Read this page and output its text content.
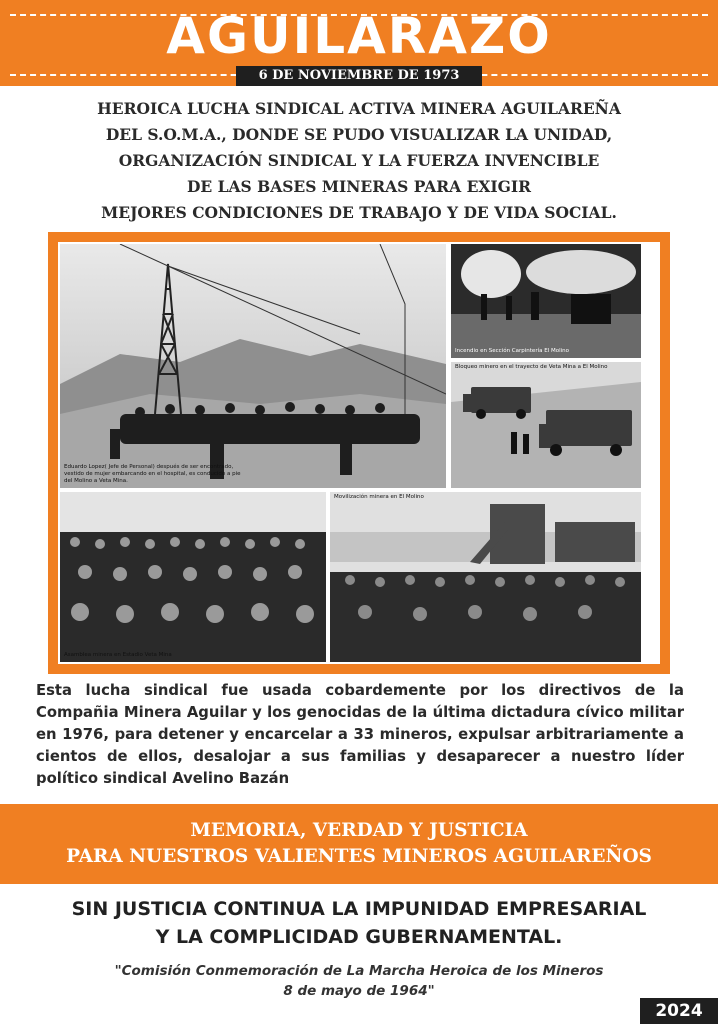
AGUILARAZO
6 DE NOVIEMBRE DE 1973
HEROICA LUCHA SINDICAL ACTIVA MINERA AGUILAREÑA
DEL S.O.M.A., DONDE SE PUDO VISUALIZAR LA UNIDAD,
ORGANIZACIÓN SINDICAL Y LA FUERZA INVENCIBLE
DE LAS BASES MINERAS PARA EXIGIR
MEJORES CONDICIONES DE TRABAJO Y DE VIDA SOCIAL.
Eduardo Lopez( Jefe de Personal) después de ser encontrado, vestido de mujer embarcando en el hospital, es conducido a pie del Molino a Veta Mina.
Incendio en Sección Carpintería El Molino
Bloqueo minero en el trayecto de Veta Mina a El Molino
Asamblea minera en Estadio Veta Mina
Movilización minera en El Molino
Esta lucha sindical fue usada cobardemente por los directivos de la Compañia Minera Aguilar y los genocidas de la última dictadura cívico militar en 1976, para detener y encarcelar a 33 mineros, expulsar arbitrariamente a cientos de ellos, desalojar a sus familias y desaparecer a nuestro líder político sindical Avelino Bazán
MEMORIA, VERDAD Y JUSTICIA
PARA NUESTROS VALIENTES MINEROS AGUILAREÑOS
SIN JUSTICIA CONTINUA LA IMPUNIDAD EMPRESARIAL
Y LA COMPLICIDAD GUBERNAMENTAL.
"Comisión Conmemoración de La Marcha Heroica de los Mineros
8 de mayo de 1964"
2024
